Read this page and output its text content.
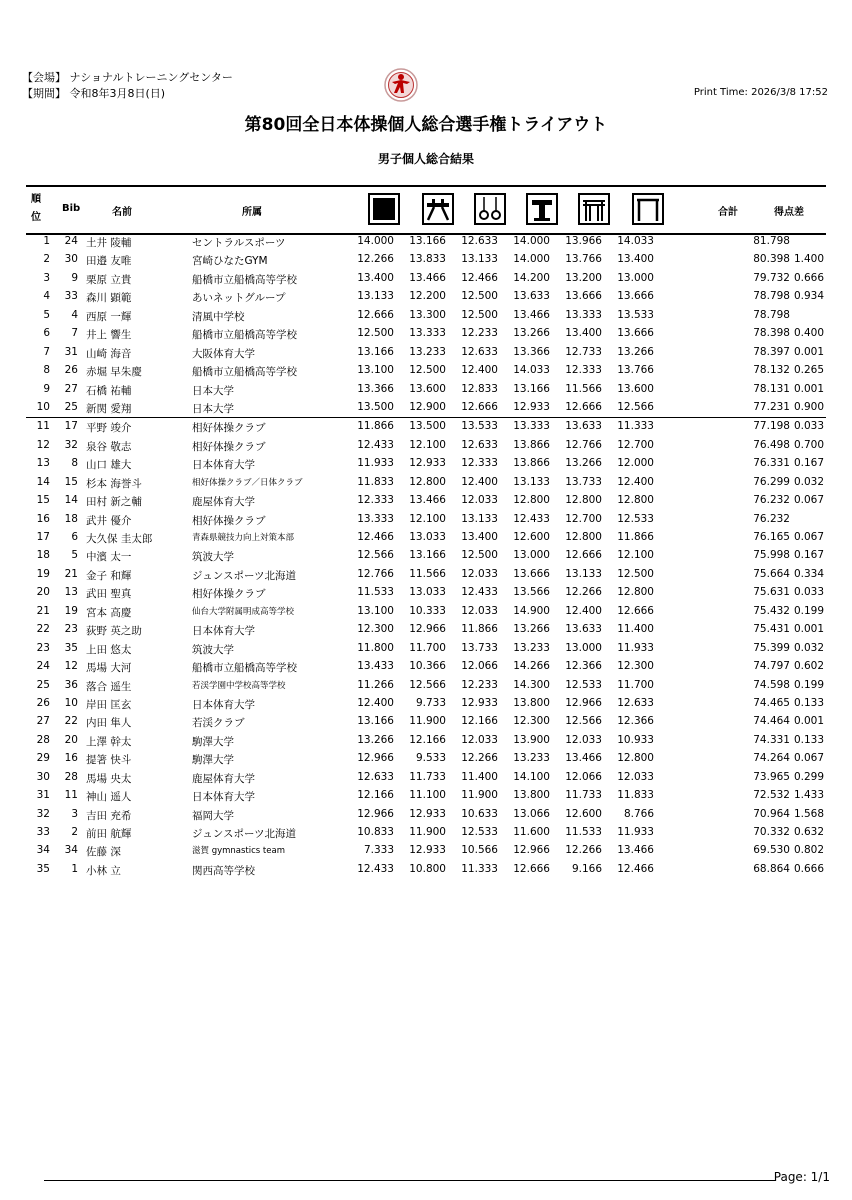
【会場】 ナショナルトレーニングセンター
【期間】 令和8年3月8日(日)	Print Time: 2026/3/8 17:52
第80回全日本体操個人総合選手権トライアウト
男子個人総合結果
順位
Bib	名前	所属	合計	得点差
1	24 土井 陵輔	セントラルスポーツ	14.000	13.166	12.633	14.000	13.966	14.033	81.798
2	30 田邉 友唯	宮崎ひなたGYM	12.266	13.833	13.133	14.000	13.766	13.400	80.398 1.400
3	9 栗原 立貴	船橋市立船橋高等学校	13.400	13.466	12.466	14.200	13.200	13.000	79.732 0.666
4	33 森川 顕範	あいネットグループ	13.133	12.200	12.500	13.633	13.666	13.666	78.798 0.934
5	4 西原 一輝	清風中学校	12.666	13.300	12.500	13.466	13.333	13.533	78.798
6	7 井上 響生	船橋市立船橋高等学校	12.500	13.333	12.233	13.266	13.400	13.666	78.398 0.400
7	31 山崎 海音	大阪体育大学	13.166	13.233	12.633	13.366	12.733	13.266	78.397 0.001
8	26 赤堀 早朱慶	船橋市立船橋高等学校	13.100	12.500	12.400	14.033	12.333	13.766	78.132 0.265
9	27 石橋 祐輔	日本大学	13.366	13.600	12.833	13.166	11.566	13.600	78.131 0.001
10	25 新関 愛翔	日本大学	13.500	12.900	12.666	12.933	12.666	12.566	77.231 0.900
11	17 平野 竣介	相好体操クラブ	11.866	13.500	13.533	13.333	13.633	11.333	77.198 0.033
12	32 泉谷 敬志	相好体操クラブ	12.433	12.100	12.633	13.866	12.766	12.700	76.498 0.700
13	8 山口 雄大	日本体育大学	11.933	12.933	12.333	13.866	13.266	12.000	76.331 0.167
14	15 杉本 海誉斗	相好体操クラブ／日体クラブ	11.833	12.800	12.400	13.133	13.733	12.400	76.299 0.032
15	14 田村 新之輔	鹿屋体育大学	12.333	13.466	12.033	12.800	12.800	12.800	76.232 0.067
16	18 武井 優介	相好体操クラブ	13.333	12.100	13.133	12.433	12.700	12.533	76.232
17	6 大久保 圭太郎	青森県競技力向上対策本部	12.466	13.033	13.400	12.600	12.800	11.866	76.165 0.067
18	5 中濱 太一	筑波大学	12.566	13.166	12.500	13.000	12.666	12.100	75.998 0.167
19	21 金子 和輝	ジュンスポーツ北海道	12.766	11.566	12.033	13.666	13.133	12.500	75.664 0.334
20	13 武田 聖真	相好体操クラブ	11.533	13.033	12.433	13.566	12.266	12.800	75.631 0.033
21	19 宮本 高慶	仙台大学附属明成高等学校	13.100	10.333	12.033	14.900	12.400	12.666	75.432 0.199
22	23 荻野 英之助	日本体育大学	12.300	12.966	11.866	13.266	13.633	11.400	75.431 0.001
23	35 上田 悠太	筑波大学	11.800	11.700	13.733	13.233	13.000	11.933	75.399 0.032
24	12 馬場 大河	船橋市立船橋高等学校	13.433	10.366	12.066	14.266	12.366	12.300	74.797 0.602
25	36 落合 遥生	若渓学園中学校高等学校	11.266	12.566	12.233	14.300	12.533	11.700	74.598 0.199
26	10 岸田 匡玄	日本体育大学	12.400	9.733	12.933	13.800	12.966	12.633	74.465 0.133
27	22 内田 隼人	若渓クラブ	13.166	11.900	12.166	12.300	12.566	12.366	74.464 0.001
28	20 上澤 幹太	駒澤大学	13.266	12.166	12.033	13.900	12.033	10.933	74.331 0.133
29	16 提箸 快斗	駒澤大学	12.966	9.533	12.266	13.233	13.466	12.800	74.264 0.067
30	28 馬場 央太	鹿屋体育大学	12.633	11.733	11.400	14.100	12.066	12.033	73.965 0.299
31	11 神山 遥人	日本体育大学	12.166	11.100	11.900	13.800	11.733	11.833	72.532 1.433
32	3 吉田 充希	福岡大学	12.966	12.933	10.633	13.066	12.600	8.766	70.964 1.568
33	2 前田 航輝	ジュンスポーツ北海道	10.833	11.900	12.533	11.600	11.533	11.933	70.332 0.632
34	34 佐藤 深	滋賀 gymnastics team	7.333	12.933	10.566	12.966	12.266	13.466	69.530 0.802
35	1 小林 立	関西高等学校	12.433	10.800	11.333	12.666	9.166	12.466	68.864 0.666
Page: 1/1
